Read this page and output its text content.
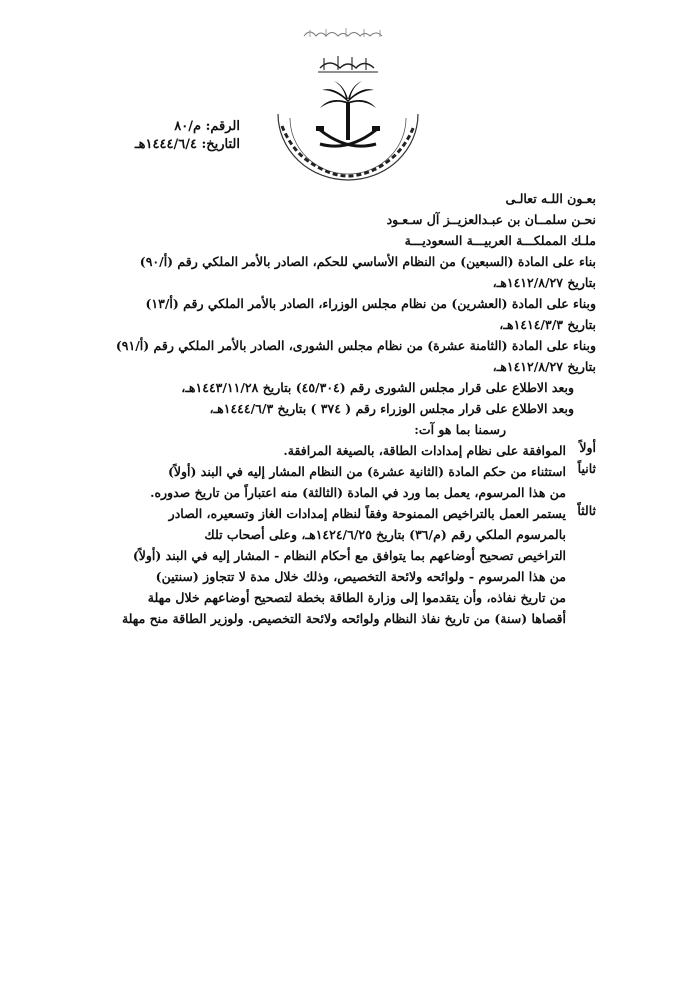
الرقم: م/٨٠
التاريخ: ١٤٤٤/٦/٤هـ
بعـون اللـه تعالـى
نحـن سلمــان بن عبـدالعزيــز آل سـعـود
ملـك المملكـــة العربيـــة السعوديـــة
بناء على المادة (السبعين) من النظام الأساسي للحكم، الصادر بالأمر الملكي رقم (أ/٩٠)
بتاريخ ١٤١٢/٨/٢٧هـ،
وبناء على المادة (العشرين) من نظام مجلس الوزراء، الصادر بالأمر الملكي رقم (أ/١٣)
بتاريخ ١٤١٤/٣/٣هـ،
وبناء على المادة (الثامنة عشرة) من نظام مجلس الشورى، الصادر بالأمر الملكي رقم (أ/٩١)
بتاريخ ١٤١٢/٨/٢٧هـ،
وبعد الاطلاع على قرار مجلس الشورى رقم (٤٥/٣٠٤) بتاريخ ١٤٤٣/١١/٢٨هـ،
وبعد الاطلاع على قرار مجلس الوزراء رقم ( ٣٧٤ ) بتاريخ ١٤٤٤/٦/٣هـ،
رسمنا بما هو آت:
أولاً
الموافقة على نظام إمدادات الطاقة، بالصيغة المرافقة.
ثانياً
استثناء من حكم المادة (الثانية عشرة) من النظام المشار إليه في البند (أولاً)
من هذا المرسوم، يعمل بما ورد في المادة (الثالثة) منه اعتباراً من تاريخ صدوره.
ثالثاً
يستمر العمل بالتراخيص الممنوحة وفقاً لنظام إمدادات الغاز وتسعيره، الصادر
بالمرسوم الملكي رقم (م/٣٦) بتاريخ ١٤٢٤/٦/٢٥هـ، وعلى أصحاب تلك
التراخيص تصحيح أوضاعهم بما يتوافق مع أحكام النظام - المشار إليه في البند (أولاً)
من هذا المرسوم - ولوائحه ولائحة التخصيص، وذلك خلال مدة لا تتجاوز (سنتين)
من تاريخ نفاذه، وأن يتقدموا إلى وزارة الطاقة بخطة لتصحيح أوضاعهم خلال مهلة
أقصاها (سنة) من تاريخ نفاذ النظام ولوائحه ولائحة التخصيص. ولوزير الطاقة منح مهلة
